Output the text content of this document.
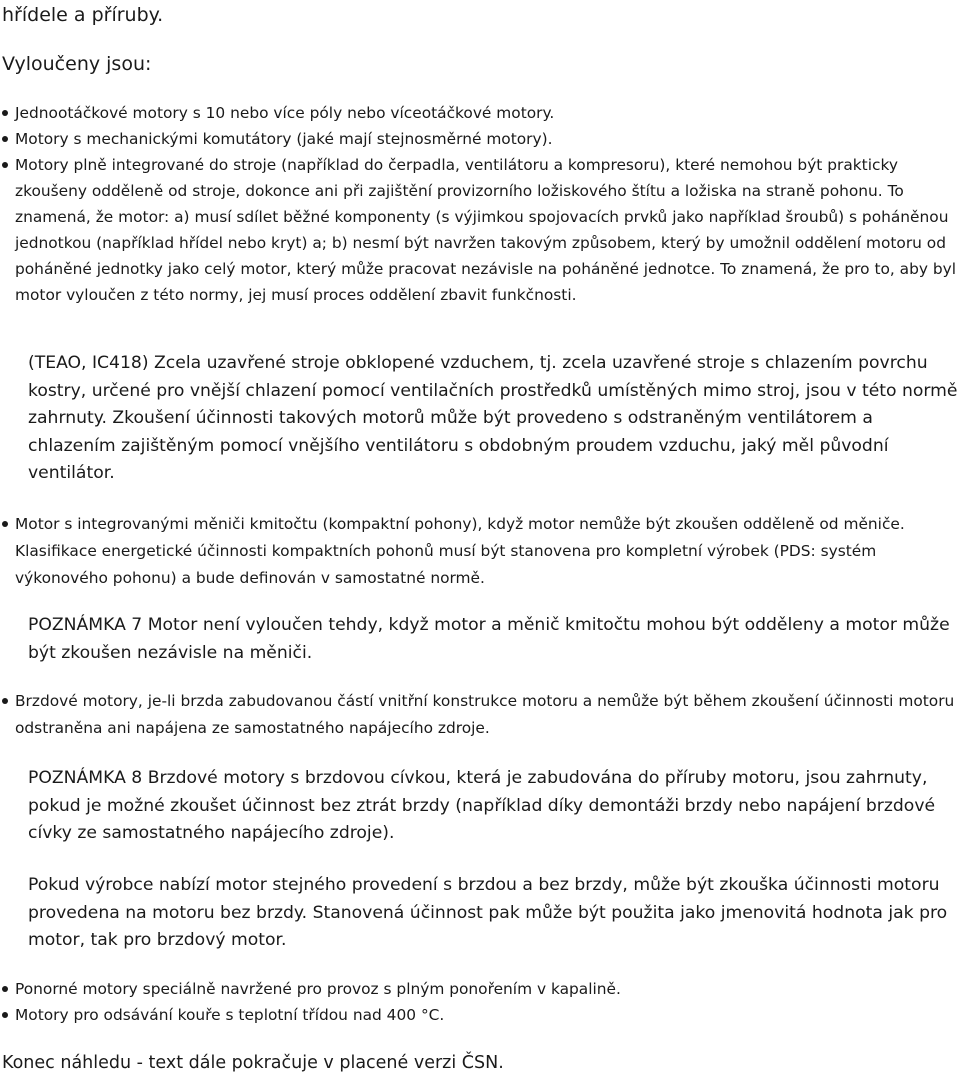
hřídele a příruby.

Vyloučeny jsou:

Jednootáčkové motory s 10 nebo více póly nebo víceotáčkové motory.
Motory s mechanickými komutátory (jaké mají stejnosměrné motory).
Motory plně integrované do stroje (například do čerpadla, ventilátoru a kompresoru), které nemohou být prakticky zkoušeny odděleně od stroje, dokonce ani při zajištění provizorního ložiskového štítu a ložiska na straně pohonu. To znamená, že motor: a) musí sdílet běžné komponenty (s výjimkou spojovacích prvků jako například šroubů) s poháněnou jednotkou (například hřídel nebo kryt) a; b) nesmí být navržen takovým způsobem, který by umožnil oddělení motoru od poháněné jednotky jako celý motor, který může pracovat nezávisle na poháněné jednotce. To znamená, že pro to, aby byl motor vyloučen z této normy, jej musí proces oddělení zbavit funkčnosti.

(TEAO, IC418) Zcela uzavřené stroje obklopené vzduchem, tj. zcela uzavřené stroje s chlazením povrchu kostry, určené pro vnější chlazení pomocí ventilačních prostředků umístěných mimo stroj, jsou v této normě zahrnuty. Zkoušení účinnosti takových motorů může být provedeno s odstraněným ventilátorem a chlazením zajištěným pomocí vnějšího ventilátoru s obdobným proudem vzduchu, jaký měl původní ventilátor.

Motor s integrovanými měniči kmitočtu (kompaktní pohony), když motor nemůže být zkoušen odděleně od měniče. Klasifikace energetické účinnosti kompaktních pohonů musí být stanovena pro kompletní výrobek (PDS: systém výkonového pohonu) a bude definován v samostatné normě.

POZNÁMKA 7 Motor není vyloučen tehdy, když motor a měnič kmitočtu mohou být odděleny a motor může být zkoušen nezávisle na měniči.

Brzdové motory, je-li brzda zabudovanou částí vnitřní konstrukce motoru a nemůže být během zkoušení účinnosti motoru odstraněna ani napájena ze samostatného napájecího zdroje.

POZNÁMKA 8 Brzdové motory s brzdovou cívkou, která je zabudována do příruby motoru, jsou zahrnuty, pokud je možné zkoušet účinnost bez ztrát brzdy (například díky demontáži brzdy nebo napájení brzdové cívky ze samostatného napájecího zdroje).

Pokud výrobce nabízí motor stejného provedení s brzdou a bez brzdy, může být zkouška účinnosti motoru provedena na motoru bez brzdy. Stanovená účinnost pak může být použita jako jmenovitá hodnota jak pro motor, tak pro brzdový motor.

Ponorné motory speciálně navržené pro provoz s plným ponořením v kapalině.
Motory pro odsávání kouře s teplotní třídou nad 400 °C.

Konec náhledu - text dále pokračuje v placené verzi ČSN.
